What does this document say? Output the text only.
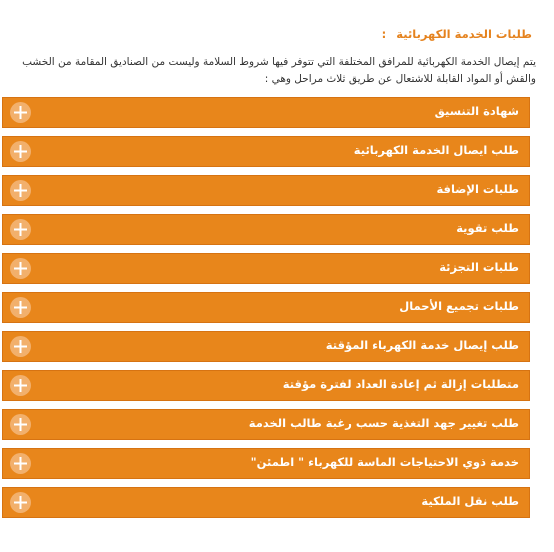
طلبات الخدمة الكهربائية:

يتم إيصال الخدمة الكهربائية للمرافق المختلفة التي تتوفر فيها شروط السلامة وليست من الصناديق المقامة من الخشب والقش أو المواد القابلة للاشتعال عن طريق ثلاث مراحل وهي :

شهادة التنسيق
طلب ايصال الخدمة الكهربائية
طلبات الإضافة
طلب تقوية
طلبات التجزئة
طلبات تجميع الأحمال
طلب إيصال خدمة الكهرباء المؤقتة
متطلبات إزالة ثم إعادة العداد لفترة مؤقتة
طلب تغيير جهد التغذية حسب رغبة طالب الخدمة
خدمة ذوي الاحتياجات الماسة للكهرباء " اطمئن"
طلب نقل الملكية
